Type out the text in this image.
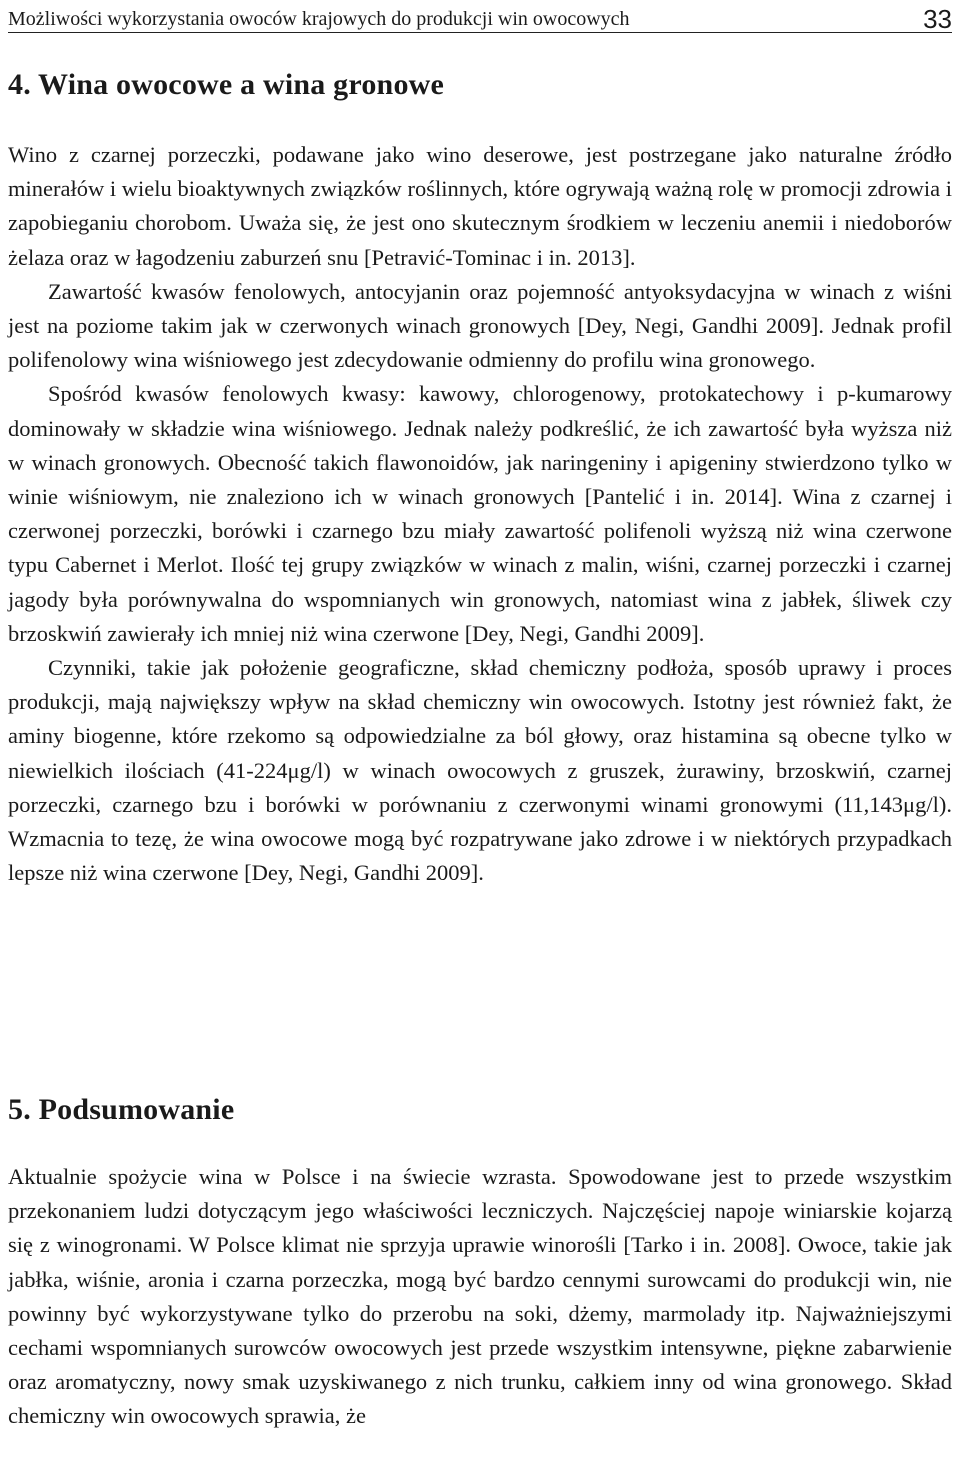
Możliwości wykorzystania owoców krajowych do produkcji win owocowych	33
4. Wina owocowe a wina gronowe

Wino z czarnej porzeczki, podawane jako wino deserowe, jest postrzegane jako naturalne źródło minerałów i wielu bioaktywnych związków roślinnych, które ogrywają ważną rolę w promocji zdrowia i zapobieganiu chorobom. Uważa się, że jest ono skutecznym środkiem w leczeniu anemii i niedoborów żelaza oraz w łagodzeniu zaburzeń snu [Petravić-Tominac i in. 2013].

Zawartość kwasów fenolowych, antocyjanin oraz pojemność antyoksydacyjna w winach z wiśni jest na poziome takim jak w czerwonych winach gronowych [Dey, Negi, Gandhi 2009]. Jednak profil polifenolowy wina wiśniowego jest zdecydowanie odmienny do profilu wina gronowego.

Spośród kwasów fenolowych kwasy: kawowy, chlorogenowy, protokatechowy i p-kumarowy dominowały w składzie wina wiśniowego. Jednak należy podkreślić, że ich zawartość była wyższa niż w winach gronowych. Obecność takich flawonoidów, jak naringeniny i apigeniny stwierdzono tylko w winie wiśniowym, nie znaleziono ich w winach gronowych [Pantelić i in. 2014]. Wina z czarnej i czerwonej porzeczki, borówki i czarnego bzu miały zawartość polifenoli wyższą niż wina czerwone typu Cabernet i Merlot. Ilość tej grupy związków w winach z malin, wiśni, czarnej porzeczki i czarnej jagody była porównywalna do wspomnianych win gronowych, natomiast wina z jabłek, śliwek czy brzoskwiń zawierały ich mniej niż wina czerwone [Dey, Negi, Gandhi 2009].

Czynniki, takie jak położenie geograficzne, skład chemiczny podłoża, sposób uprawy i proces produkcji, mają największy wpływ na skład chemiczny win owocowych. Istotny jest również fakt, że aminy biogenne, które rzekomo są odpowiedzialne za ból głowy, oraz histamina są obecne tylko w niewielkich ilościach (41-224μg/l) w winach owocowych z gruszek, żurawiny, brzoskwiń, czarnej porzeczki, czarnego bzu i borówki w porównaniu z czerwonymi winami gronowymi (11,143μg/l). Wzmacnia to tezę, że wina owocowe mogą być rozpatrywane jako zdrowe i w niektórych przypadkach lepsze niż wina czerwone [Dey, Negi, Gandhi 2009].

5. Podsumowanie

Aktualnie spożycie wina w Polsce i na świecie wzrasta. Spowodowane jest to przede wszystkim przekonaniem ludzi dotyczącym jego właściwości leczniczych. Najczęściej napoje winiarskie kojarzą się z winogronami. W Polsce klimat nie sprzyja uprawie winorośli [Tarko i in. 2008]. Owoce, takie jak jabłka, wiśnie, aronia i czarna porzeczka, mogą być bardzo cennymi surowcami do produkcji win, nie powinny być wykorzystywane tylko do przerobu na soki, dżemy, marmolady itp. Najważniejszymi cechami wspomnianych surowców owocowych jest przede wszystkim intensywne, piękne zabarwienie oraz aromatyczny, nowy smak uzyskiwanego z nich trunku, całkiem inny od wina gronowego. Skład chemiczny win owocowych sprawia, że
